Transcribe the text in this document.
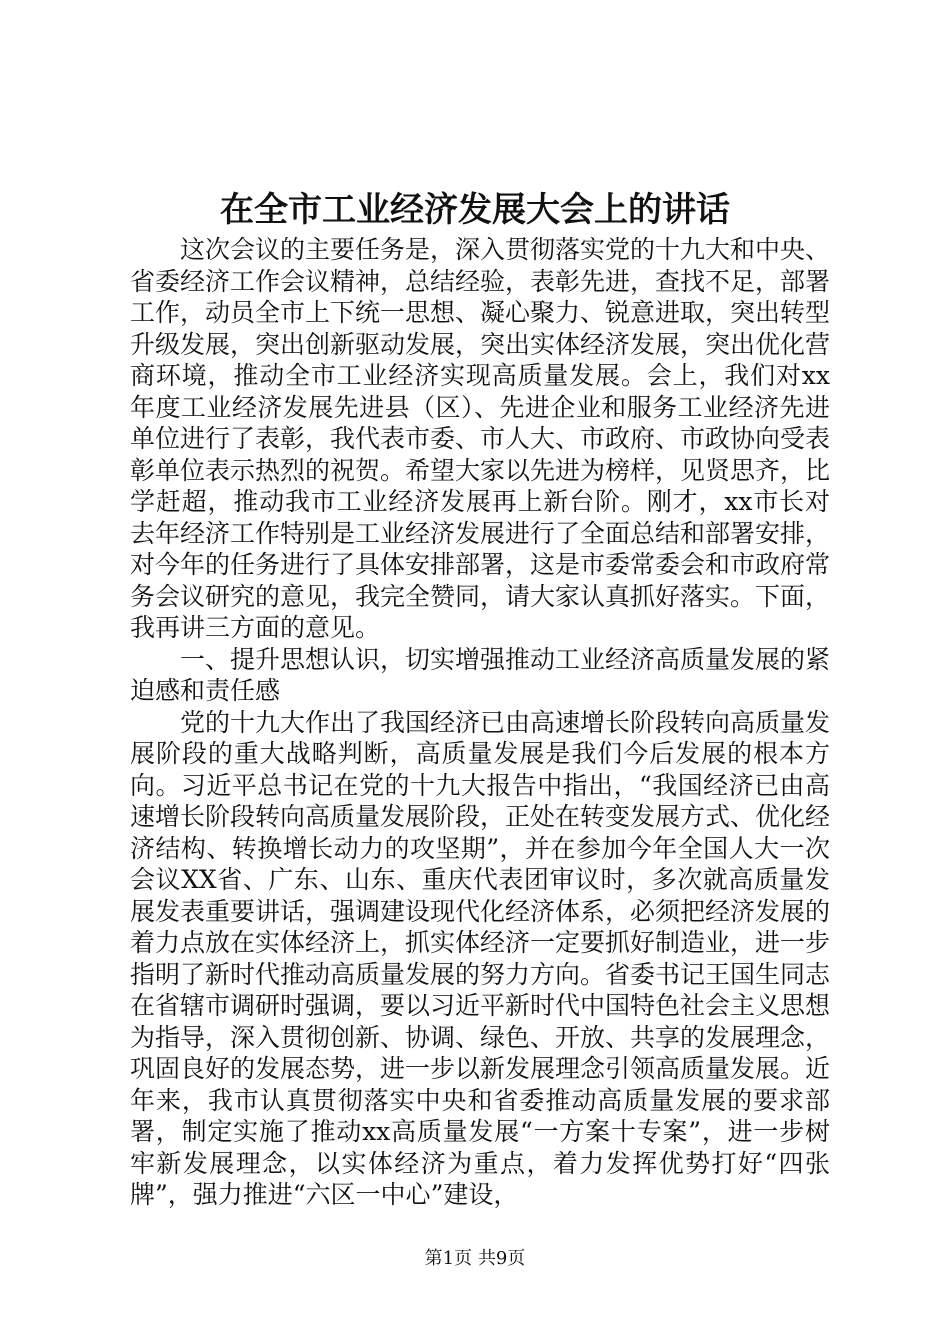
在全市工业经济发展大会上的讲话

这次会议的主要任务是，深入贯彻落实党的十九大和中央、省委经济工作会议精神，总结经验，表彰先进，查找不足，部署工作，动员全市上下统一思想、凝心聚力、锐意进取，突出转型升级发展，突出创新驱动发展，突出实体经济发展，突出优化营商环境，推动全市工业经济实现高质量发展。会上，我们对xx年度工业经济发展先进县（区）、先进企业和服务工业经济先进单位进行了表彰，我代表市委、市人大、市政府、市政协向受表彰单位表示热烈的祝贺。希望大家以先进为榜样，见贤思齐，比学赶超，推动我市工业经济发展再上新台阶。刚才，xx市长对去年经济工作特别是工业经济发展进行了全面总结和部署安排，对今年的任务进行了具体安排部署，这是市委常委会和市政府常务会议研究的意见，我完全赞同，请大家认真抓好落实。下面，我再讲三方面的意见。

一、提升思想认识，切实增强推动工业经济高质量发展的紧迫感和责任感

党的十九大作出了我国经济已由高速增长阶段转向高质量发展阶段的重大战略判断，高质量发展是我们今后发展的根本方向。习近平总书记在党的十九大报告中指出，“我国经济已由高速增长阶段转向高质量发展阶段，正处在转变发展方式、优化经济结构、转换增长动力的攻坚期”，并在参加今年全国人大一次会议XX省、广东、山东、重庆代表团审议时，多次就高质量发展发表重要讲话，强调建设现代化经济体系，必须把经济发展的着力点放在实体经济上，抓实体经济一定要抓好制造业，进一步指明了新时代推动高质量发展的努力方向。省委书记王国生同志在省辖市调研时强调，要以习近平新时代中国特色社会主义思想为指导，深入贯彻创新、协调、绿色、开放、共享的发展理念，巩固良好的发展态势，进一步以新发展理念引领高质量发展。近年来，我市认真贯彻落实中央和省委推动高质量发展的要求部署，制定实施了推动xx高质量发展“一方案十专案”，进一步树牢新发展理念，以实体经济为重点，着力发挥优势打好“四张牌”，强力推进“六区一中心”建设，

第1页 共9页
